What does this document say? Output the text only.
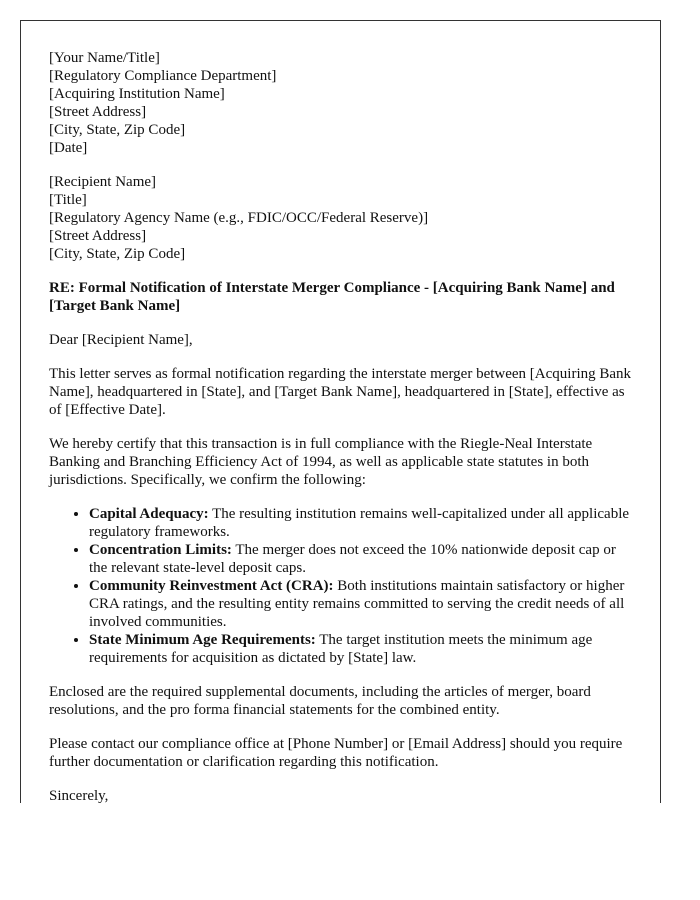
[Your Name/Title]
[Regulatory Compliance Department]
[Acquiring Institution Name]
[Street Address]
[City, State, Zip Code]
[Date]
[Recipient Name]
[Title]
[Regulatory Agency Name (e.g., FDIC/OCC/Federal Reserve)]
[Street Address]
[City, State, Zip Code]

RE: Formal Notification of Interstate Merger Compliance - [Acquiring Bank Name] and [Target Bank Name]

Dear [Recipient Name],

This letter serves as formal notification regarding the interstate merger between [Acquiring Bank Name], headquartered in [State], and [Target Bank Name], headquartered in [State], effective as of [Effective Date].

We hereby certify that this transaction is in full compliance with the Riegle-Neal Interstate Banking and Branching Efficiency Act of 1994, as well as applicable state statutes in both jurisdictions. Specifically, we confirm the following:

• Capital Adequacy: The resulting institution remains well-capitalized under all applicable regulatory frameworks.
• Concentration Limits: The merger does not exceed the 10% nationwide deposit cap or the relevant state-level deposit caps.
• Community Reinvestment Act (CRA): Both institutions maintain satisfactory or higher CRA ratings, and the resulting entity remains committed to serving the credit needs of all involved communities.
• State Minimum Age Requirements: The target institution meets the minimum age requirements for acquisition as dictated by [State] law.

Enclosed are the required supplemental documents, including the articles of merger, board resolutions, and the pro forma financial statements for the combined entity.

Please contact our compliance office at [Phone Number] or [Email Address] should you require further documentation or clarification regarding this notification.

Sincerely,
